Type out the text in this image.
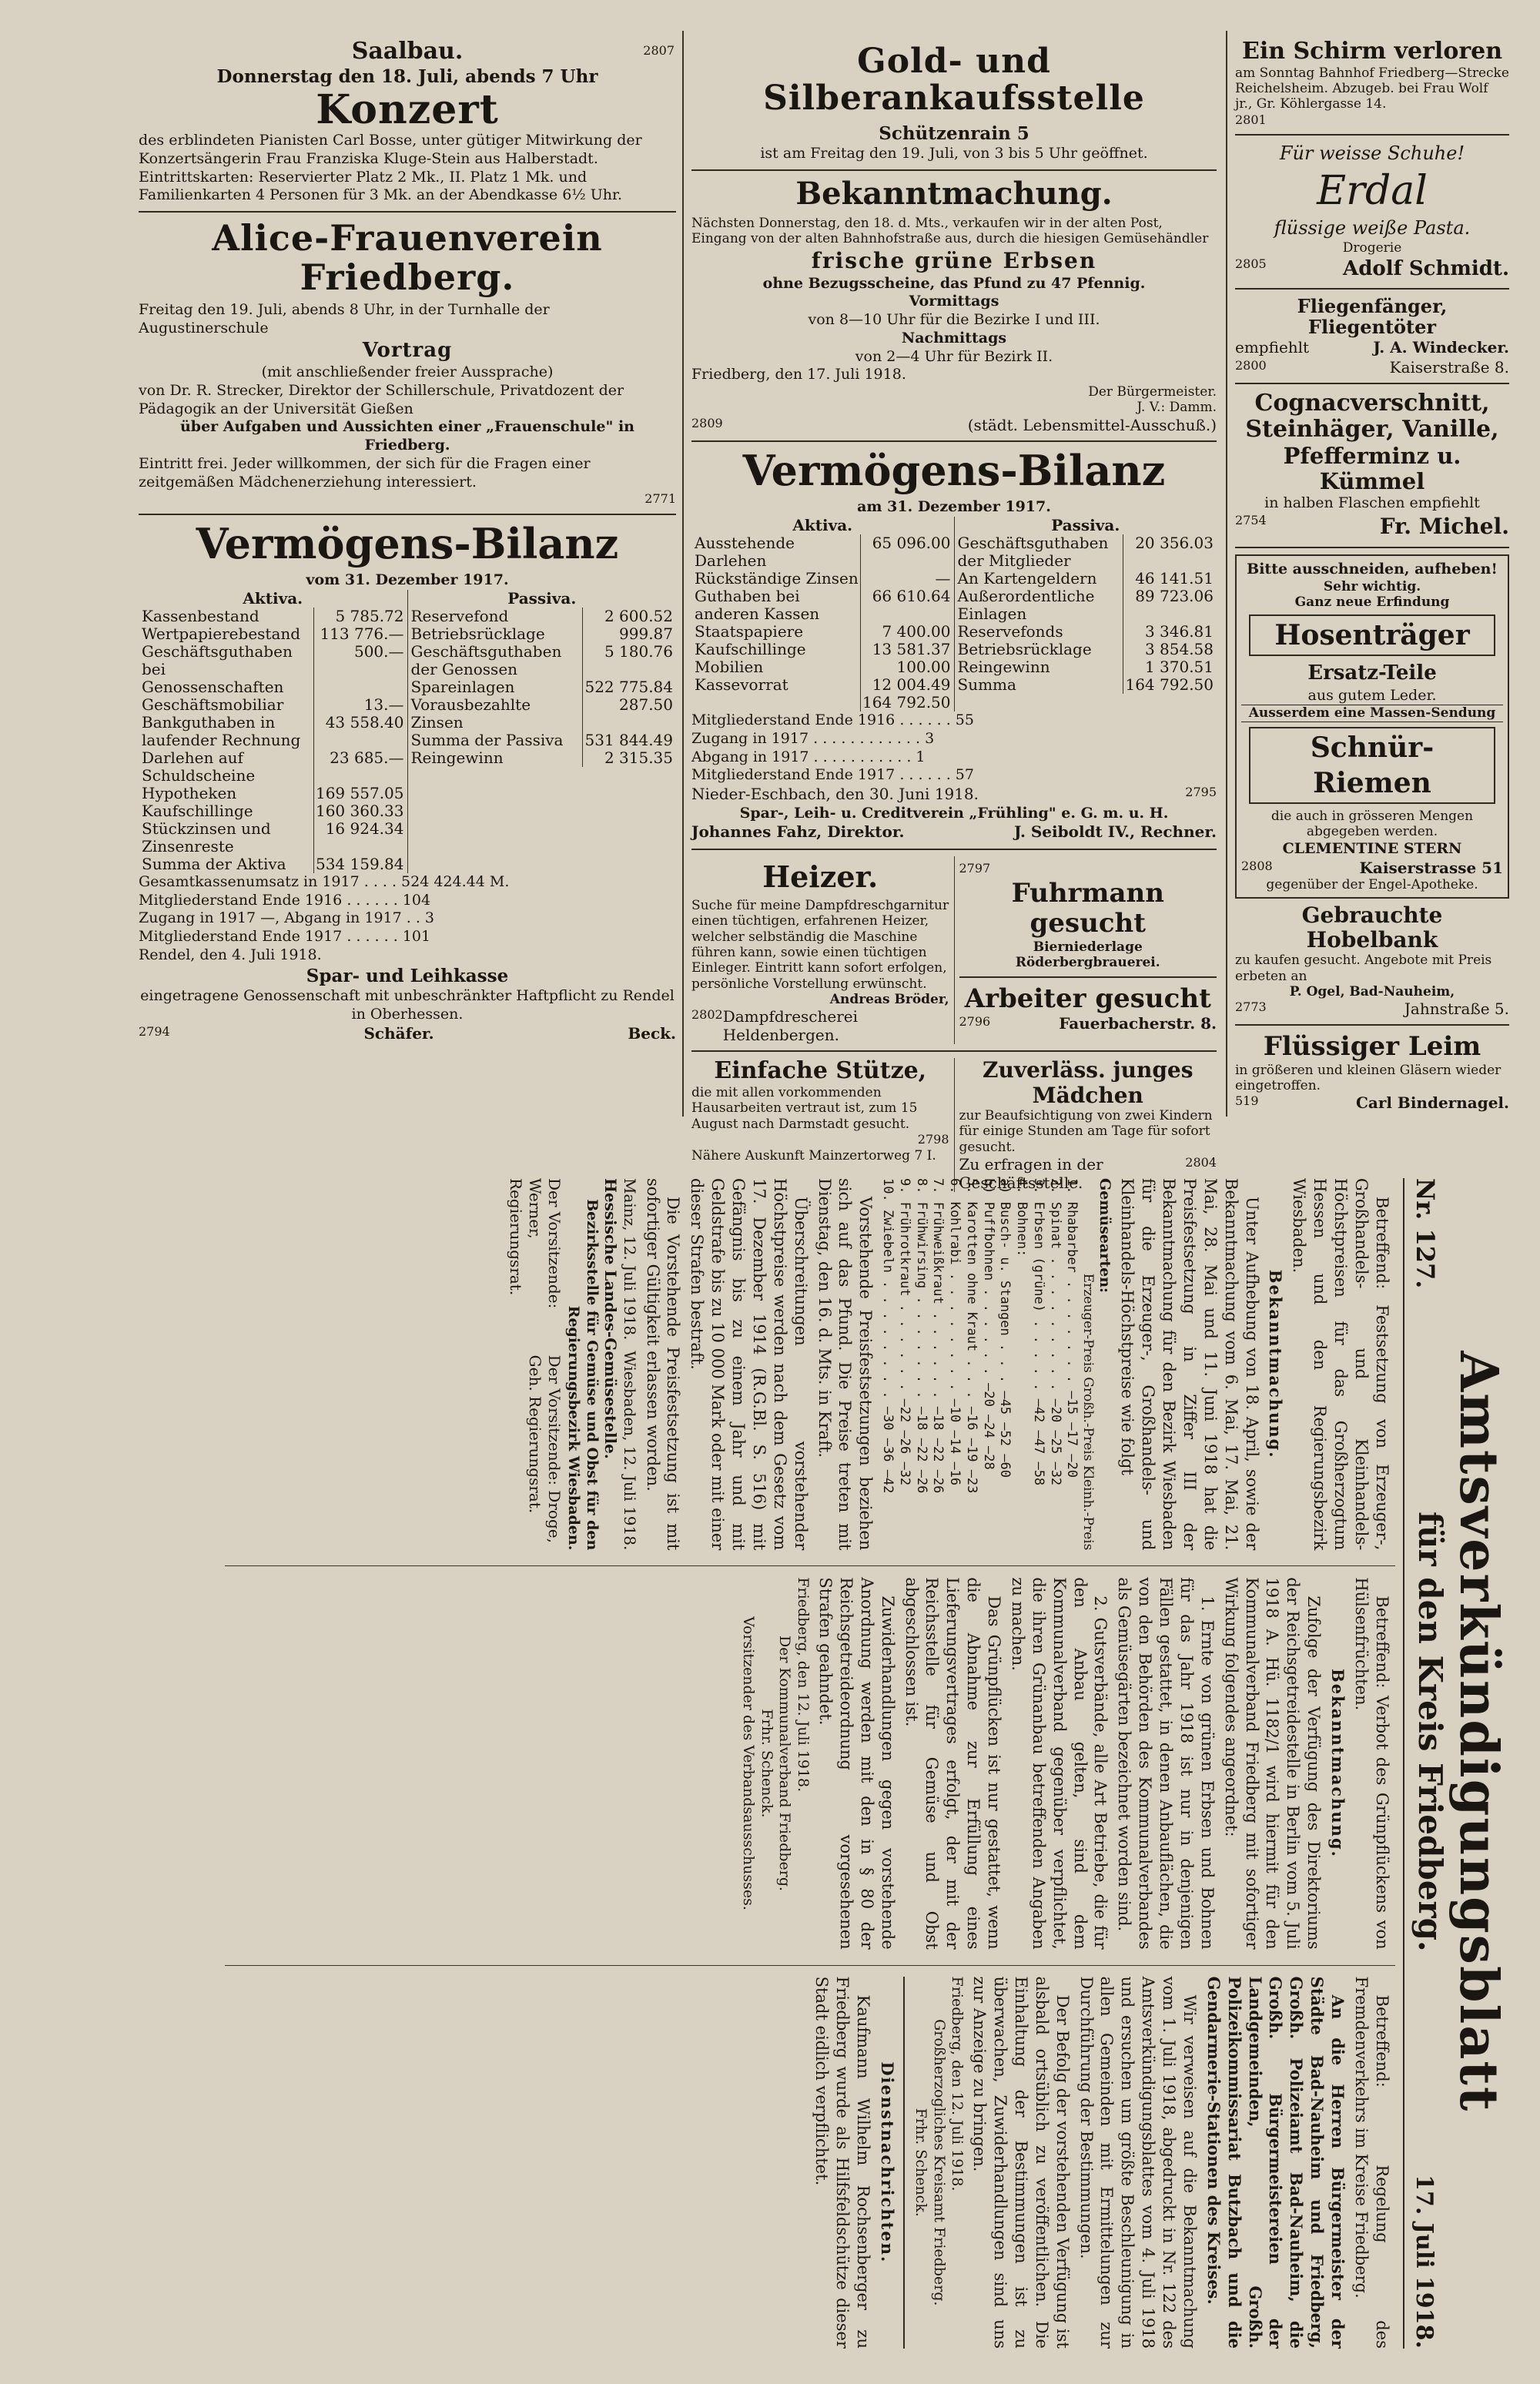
2807
Saalbau.
Donnerstag den 18. Juli, abends 7 Uhr
Konzert
des erblindeten Pianisten Carl Bosse, unter gütiger Mitwirkung der Konzertsängerin Frau Franziska Kluge-Stein aus Halberstadt.
Eintrittskarten: Reservierter Platz 2 Mk., II. Platz 1 Mk. und Familienkarten 4 Personen für 3 Mk. an der Abendkasse 6½ Uhr.
Alice-Frauenverein Friedberg.
Freitag den 19. Juli, abends 8 Uhr, in der Turnhalle der Augustinerschule
Vortrag
(mit anschließender freier Aussprache)
von Dr. R. Strecker, Direktor der Schillerschule, Privatdozent der Pädagogik an der Universität Gießen
über Aufgaben und Aussichten einer „Frauenschule" in Friedberg.
Eintritt frei. Jeder willkommen, der sich für die Fragen einer zeitgemäßen Mädchenerziehung interessiert.
2771
Vermögens-Bilanz
vom 31. Dezember 1917.
Aktiva.
Kassenbestand	5 785.72
Wertpapierebestand	113 776.—
Geschäftsguthaben bei Genossenschaften	500.—
Geschäftsmobiliar	13.—
Bankguthaben in laufender Rechnung	43 558.40
Darlehen auf Schuldscheine	23 685.—
Hypotheken	169 557.05
Kaufschillinge	160 360.33
Stückzinsen und Zinsenreste	16 924.34
Summa der Aktiva	534 159.84

Passiva.
Reservefond	2 600.52
Betriebsrücklage	999.87
Geschäftsguthaben der Genossen	5 180.76
Spareinlagen	522 775.84
Vorausbezahlte Zinsen	287.50
Summa der Passiva	531 844.49
Reingewinn	2 315.35
Gesamtkassenumsatz in 1917 . . . . 524 424.44 M.
Mitgliederstand Ende 1916 . . . . . . 104
Zugang in 1917 —, Abgang in 1917 . . 3
Mitgliederstand Ende 1917 . . . . . . 101
Rendel, den 4. Juli 1918.
Spar- und Leihkasse
eingetragene Genossenschaft mit unbeschränkter Haftpflicht zu Rendel in Oberhessen.
2794	Schäfer.	Beck.
Gold- und Silberankaufsstelle
Schützenrain 5
ist am Freitag den 19. Juli, von 3 bis 5 Uhr geöffnet.
Bekanntmachung.
Nächsten Donnerstag, den 18. d. Mts., verkaufen wir in der alten Post, Eingang von der alten Bahnhofstraße aus, durch die hiesigen Gemüsehändler
frische grüne Erbsen
ohne Bezugsscheine, das Pfund zu 47 Pfennig.
Vormittags
von 8—10 Uhr für die Bezirke I und III.
Nachmittags
von 2—4 Uhr für Bezirk II.
Friedberg, den 17. Juli 1918.
Der Bürgermeister.
J. V.: Damm.
2809	(städt. Lebensmittel-Ausschuß.)
Vermögens-Bilanz
am 31. Dezember 1917.
Aktiva.
Ausstehende Darlehen	65 096.00
Rückständige Zinsen	—
Guthaben bei anderen Kassen	66 610.64
Staatspapiere	7 400.00
Kaufschillinge	13 581.37
Mobilien	100.00
Kassevorrat	12 004.49
	164 792.50

Passiva.
Geschäftsguthaben der Mitglieder	20 356.03
An Kartengeldern	46 141.51
Außerordentliche Einlagen	89 723.06
Reservefonds	3 346.81
Betriebsrücklage	3 854.58
Reingewinn	1 370.51
Summa	164 792.50
Mitgliederstand Ende 1916 . . . . . . 55
Zugang in 1917 . . . . . . . . . . . . 3
Abgang in 1917 . . . . . . . . . . . 1
Mitgliederstand Ende 1917 . . . . . . 57
Nieder-Eschbach, den 30. Juni 1918.	2795
Spar-, Leih- u. Creditverein „Frühling" e. G. m. u. H.
Johannes Fahz, Direktor.	J. Seiboldt IV., Rechner.
Heizer.
Suche für meine Dampfdreschgarnitur einen tüchtigen, erfahrenen Heizer, welcher selbständig die Maschine führen kann, sowie einen tüchtigen Einleger. Eintritt kann sofort erfolgen, persönliche Vorstellung erwünscht.
Andreas Bröder,
2802 Dampfdrescherei Heldenbergen.
2797
Fuhrmann gesucht
Bierniederlage Röderbergbrauerei.
Arbeiter gesucht
2796	Fauerbacherstr. 8.
Einfache Stütze,
die mit allen vorkommenden Hausarbeiten vertraut ist, zum 15 August nach Darmstadt gesucht.
2798
Nähere Auskunft Mainzertorweg 7 I.
Zuverläss. junges Mädchen
zur Beaufsichtigung von zwei Kindern für einige Stunden am Tage für sofort gesucht.
Zu erfragen in der Geschäftsstelle.
2804
Ein Schirm verloren
am Sonntag Bahnhof Friedberg—Strecke Reichelsheim. Abzugeb. bei Frau Wolf jr., Gr. Köhlergasse 14.
2801
Für weisse Schuhe!
Erdal
flüssige weiße Pasta.
Drogerie
2805	Adolf Schmidt.
Fliegenfänger, Fliegentöter
empfiehlt	J. A. Windecker.
2800	Kaiserstraße 8.
Cognacverschnitt,
Steinhäger, Vanille,
Pfefferminz u. Kümmel
in halben Flaschen empfiehlt
2754	Fr. Michel.
Bitte ausschneiden, aufheben!
Sehr wichtig.
Ganz neue Erfindung
Hosenträger
Ersatz-Teile
aus gutem Leder.
Ausserdem eine Massen-Sendung
Schnür-Riemen
die auch in grösseren Mengen abgegeben werden.
CLEMENTINE STERN
2808	Kaiserstrasse 51
gegenüber der Engel-Apotheke.
Gebrauchte Hobelbank
zu kaufen gesucht. Angebote mit Preis erbeten an
P. Ogel, Bad-Nauheim,
2773	Jahnstraße 5.
Flüssiger Leim
in größeren und kleinen Gläsern wieder eingetroffen.
519	Carl Bindernagel.
Nr. 127.
Amtsverkündigungsblatt
für den Kreis Friedberg.
17. Juli 1918.
Betreffend: Festsetzung von Erzeuger-, Großhandels- und Kleinhandels-Höchstpreisen für das Großherzogtum Hessen und den Regierungsbezirk Wiesbaden.
Bekanntmachung.
Unter Aufhebung von 18. April, sowie der Bekanntmachung vom 6. Mai, 17. Mai, 21. Mai, 28. Mai und 11. Juni 1918 hat die Preisfestsetzung in Ziffer III der Bekanntmachung für den Bezirk Wiesbaden für die Erzeuger-, Großhandels- und Kleinhandels-Höchstpreise wie folgt
Gemüsearten:
Erzeuger-Preis Großh.-Preis Kleinh.-Preis
1. Rhabarber . . . . . . . –15 –17 –20
2. Spinat . . . . . . . . . –20 –25 –32
3. Erbsen (grüne) . . . . . –42 –47 –58
4. Bohnen:
a) Busch- u. Stangen . . . –45 –52 –60
b) Puffbohnen . . . . . . –20 –24 –28
5. Karotten ohne Kraut . . . –16 –19 –23
6. Kohlrabi . . . . . . . . –10 –14 –16
7. Frühweißkraut . . . . . . –18 –22 –26
8. Frühwirsing . . . . . . . –18 –22 –26
9. Frührotkraut . . . . . . –22 –26 –32
10. Zwiebeln . . . . . . . . –30 –36 –42
Vorstehende Preisfestsetzungen beziehen sich auf das Pfund. Die Preise treten mit Dienstag, den 16. d. Mts. in Kraft.
Überschreitungen vorstehender Höchstpreise werden nach dem Gesetz vom 17. Dezember 1914 (R.G.Bl. S. 516) mit Gefängnis bis zu einem Jahr und mit Geldstrafe bis zu 10 000 Mark oder mit einer dieser Strafen bestraft.
Die Vorstehende Preisfestsetzung ist mit sofortiger Gültigkeit erlassen worden.
Mainz, 12. Juli 1918.
Wiesbaden, 12. Juli 1918.
Hessische Landes-Gemüsestelle.
Bezirksstelle für Gemüse und Obst für den Regierungsbezirk Wiesbaden.
Der Vorsitzende: Werner, Regierungsrat.
Der Vorsitzende: Droge, Geh. Regierungsrat.
Betreffend: Verbot des Grünpflückens von Hülsenfrüchten.
Bekanntmachung.
Zufolge der Verfügung des Direktoriums der Reichsgetreidestelle in Berlin vom 5. Juli 1918 A. Hü. 1182/1 wird hiermit für den Kommunalverband Friedberg mit sofortiger Wirkung folgendes angeordnet:
1. Ernte von grünen Erbsen und Bohnen für das Jahr 1918 ist nur in denjenigen Fällen gestattet, in denen Anbauflächen, die von den Behörden des Kommunalverbandes als Gemüsegärten bezeichnet worden sind.
2. Gutsverbände, alle Art Betriebe, die für den Anbau gelten, sind dem Kommunalverband gegenüber verpflichtet, die ihren Grünanbau betreffenden Angaben zu machen.
Das Grünpflücken ist nur gestattet, wenn die Abnahme zur Erfüllung eines Lieferungsvertrages erfolgt, der mit der Reichsstelle für Gemüse und Obst abgeschlossen ist.
Zuwiderhandlungen gegen vorstehende Anordnung werden mit den in § 80 der Reichsgetreideordnung vorgesehenen Strafen geahndet.
Friedberg, den 12. Juli 1918.
Der Kommunalverband Friedberg.
Frhr. Schenck.
Vorsitzender des Verbandsausschusses.
Betreffend: Regelung des Fremdenverkehrs im Kreise Friedberg.
An die Herren Bürgermeister der Städte Bad-Nauheim und Friedberg, Großh. Polizeiamt Bad-Nauheim, die Großh. Bürgermeistereien der Landgemeinden, Großh. Polizeikommissariat Butzbach und die Gendarmerie-Stationen des Kreises.
Wir verweisen auf die Bekanntmachung vom 1. Juli 1918, abgedruckt in Nr. 122 des Amtsverkündigungsblattes vom 4. Juli 1918 und ersuchen um größte Beschleunigung in allen Gemeinden mit Ermittelungen zur Durchführung der Bestimmungen.
Der Befolg der vorstehenden Verfügung ist alsbald ortsüblich zu veröffentlichen. Die Einhaltung der Bestimmungen ist zu überwachen, Zuwiderhandlungen sind uns zur Anzeige zu bringen.
Friedberg, den 12. Juli 1918.
Großherzogliches Kreisamt Friedberg.
Frhr. Schenck.
Dienstnachrichten.
Kaufmann Wilhelm Rochsenberger zu Friedberg wurde als Hilfsfeldschütze dieser Stadt eidlich verpflichtet.
